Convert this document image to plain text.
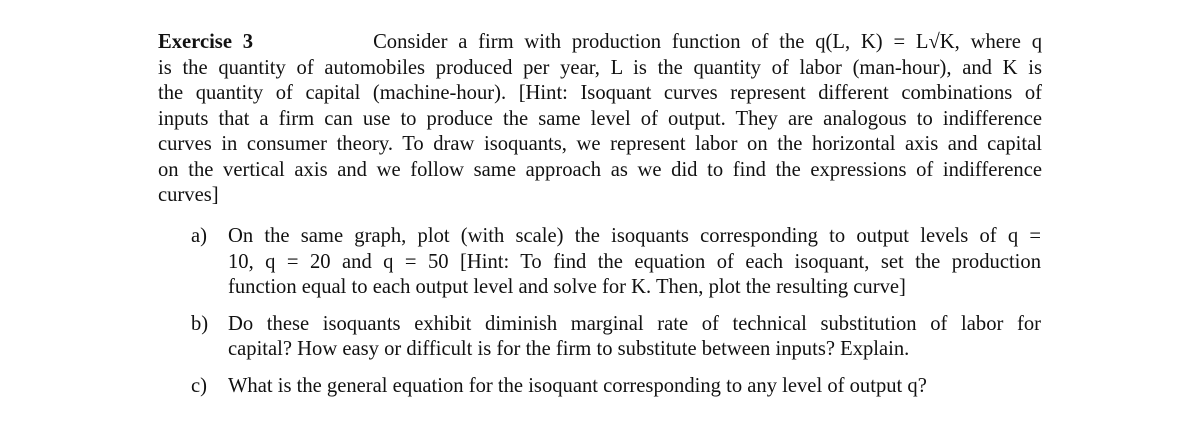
Exercise 3	Consider a firm with production function of the q(L, K) = L√K, where q
is the quantity of automobiles produced per year, L is the quantity of labor (man-hour), and K is
the quantity of capital (machine-hour). [Hint: Isoquant curves represent different combinations of
inputs that a firm can use to produce the same level of output. They are analogous to indifference
curves in consumer theory. To draw isoquants, we represent labor on the horizontal axis and capital
on the vertical axis and we follow same approach as we did to find the expressions of indifference
curves]
a) On the same graph, plot (with scale) the isoquants corresponding to output levels of q =
10, q = 20 and q = 50 [Hint: To find the equation of each isoquant, set the production
function equal to each output level and solve for K. Then, plot the resulting curve]
b) Do these isoquants exhibit diminish marginal rate of technical substitution of labor for
capital? How easy or difficult is for the firm to substitute between inputs? Explain.
c) What is the general equation for the isoquant corresponding to any level of output q?
